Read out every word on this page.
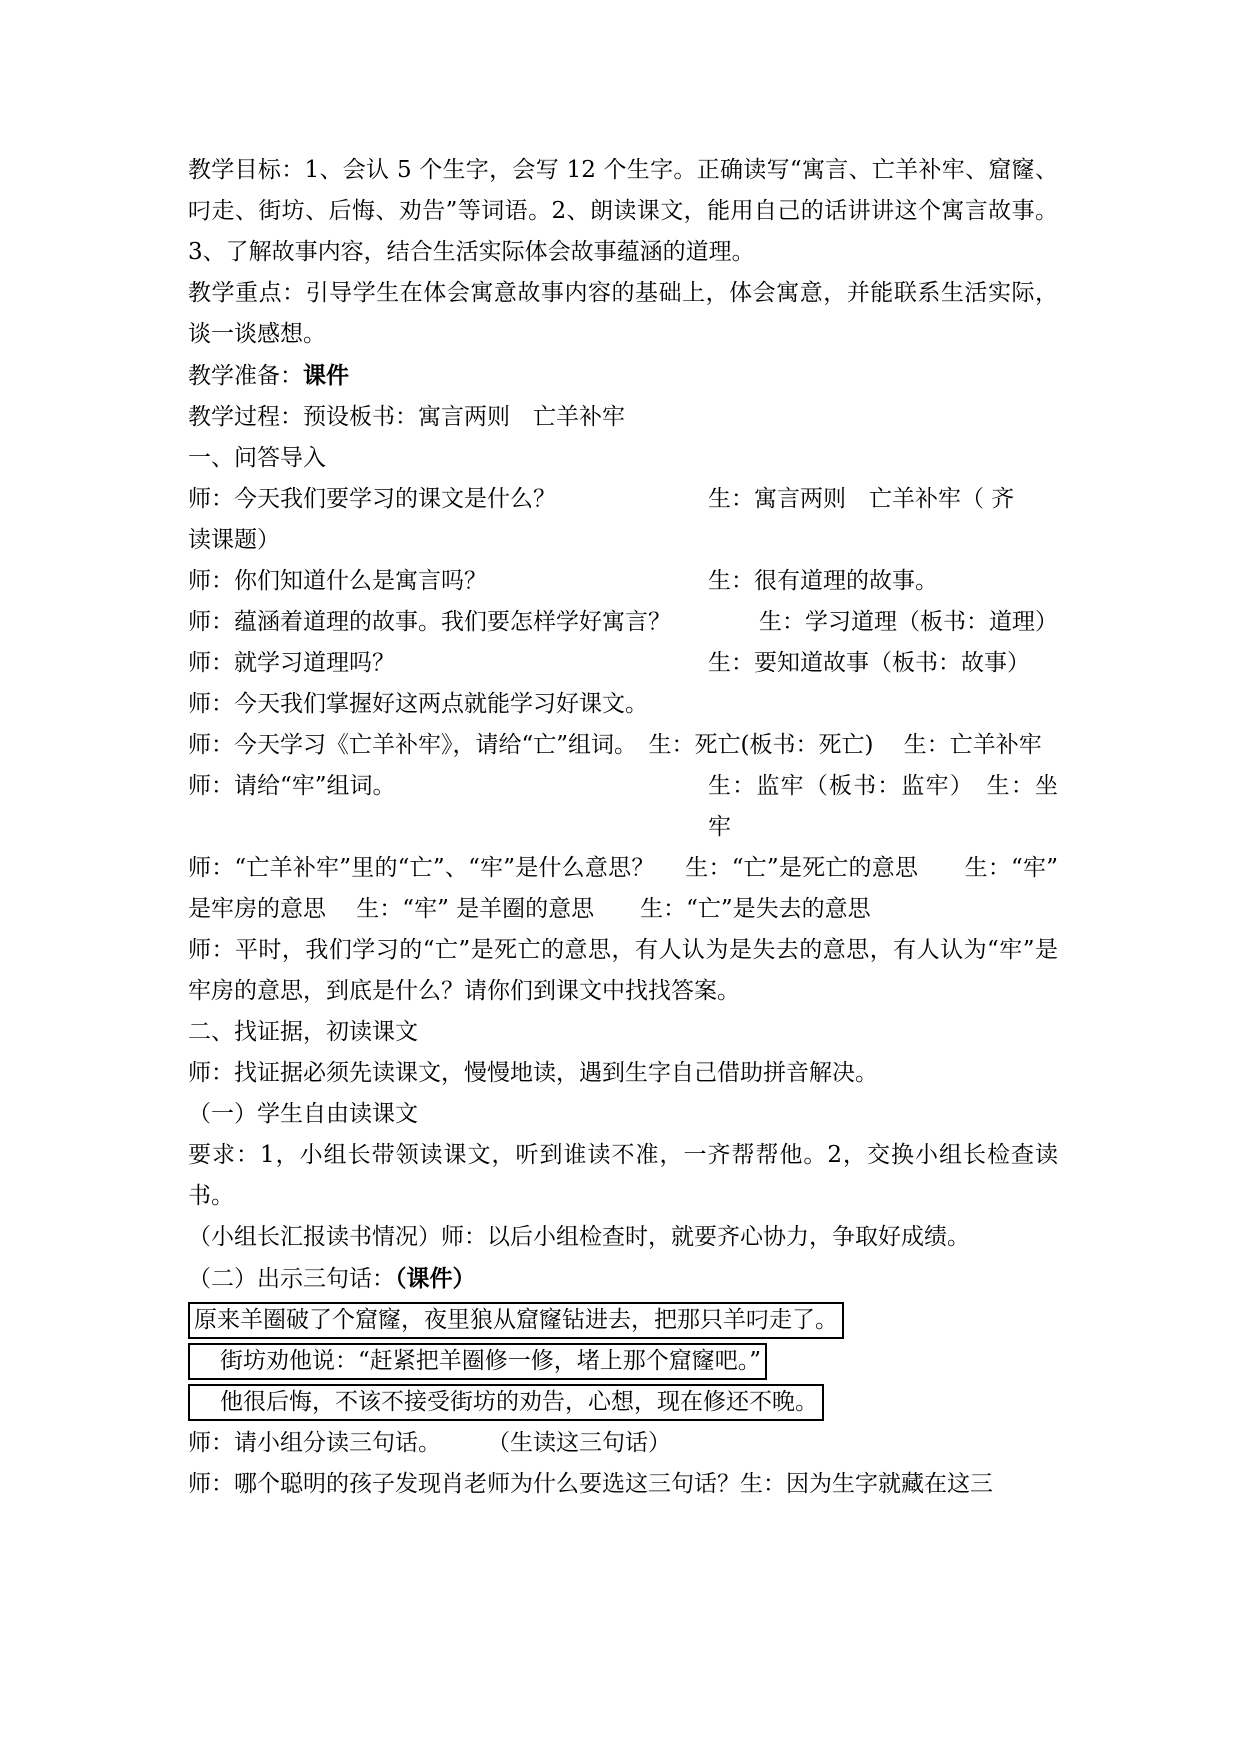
教学目标：1、会认 5 个生字，会写 12 个生字。正确读写“寓言、亡羊补牢、窟窿、叼走、街坊、后悔、劝告”等词语。2、朗读课文，能用自己的话讲讲这个寓言故事。3、了解故事内容，结合生活实际体会故事蕴涵的道理。

教学重点：引导学生在体会寓意故事内容的基础上，体会寓意，并能联系生活实际，谈一谈感想。

教学准备：课件

教学过程：预设板书：寓言两则　亡羊补牢

一、问答导入

师：今天我们要学习的课文是什么？	生：寓言两则　亡羊补牢（ 齐

读课题）

师：你们知道什么是寓言吗？	生：很有道理的故事。
师：蕴涵着道理的故事。我们要怎样学好寓言？	生：学习道理（板书：道理）
师：就学习道理吗？	生：要知道故事（板书：故事）

师：今天我们掌握好这两点就能学习好课文。

师：今天学习《亡羊补牢》，请给“亡”组词。　生：死亡(板书：死亡)　 生：亡羊补牢

师：请给“牢”组词。	生：监牢（板书：监牢）　生：坐牢

师：“亡羊补牢”里的“亡”、“牢”是什么意思？　 生：“亡”是死亡的意思　　生：“牢” 是牢房的意思　 生：“牢” 是羊圈的意思　　生：“亡”是失去的意思

师：平时，我们学习的“亡”是死亡的意思，有人认为是失去的意思，有人认为“牢”是牢房的意思，到底是什么？请你们到课文中找找答案。

二、找证据，初读课文

师：找证据必须先读课文，慢慢地读，遇到生字自己借助拼音解决。

（一）学生自由读课文

要求：1，小组长带领读课文，听到谁读不准，一齐帮帮他。2，交换小组长检查读书。

（小组长汇报读书情况）师：以后小组检查时，就要齐心协力，争取好成绩。

（二）出示三句话：（课件）

原来羊圈破了个窟窿，夜里狼从窟窿钻进去，把那只羊叼走了。
街坊劝他说：“赶紧把羊圈修一修，堵上那个窟窿吧。”
他很后悔，不该不接受街坊的劝告，心想，现在修还不晚。

师：请小组分读三句话。　　　（生读这三句话）

师：哪个聪明的孩子发现肖老师为什么要选这三句话？生：因为生字就藏在这三
